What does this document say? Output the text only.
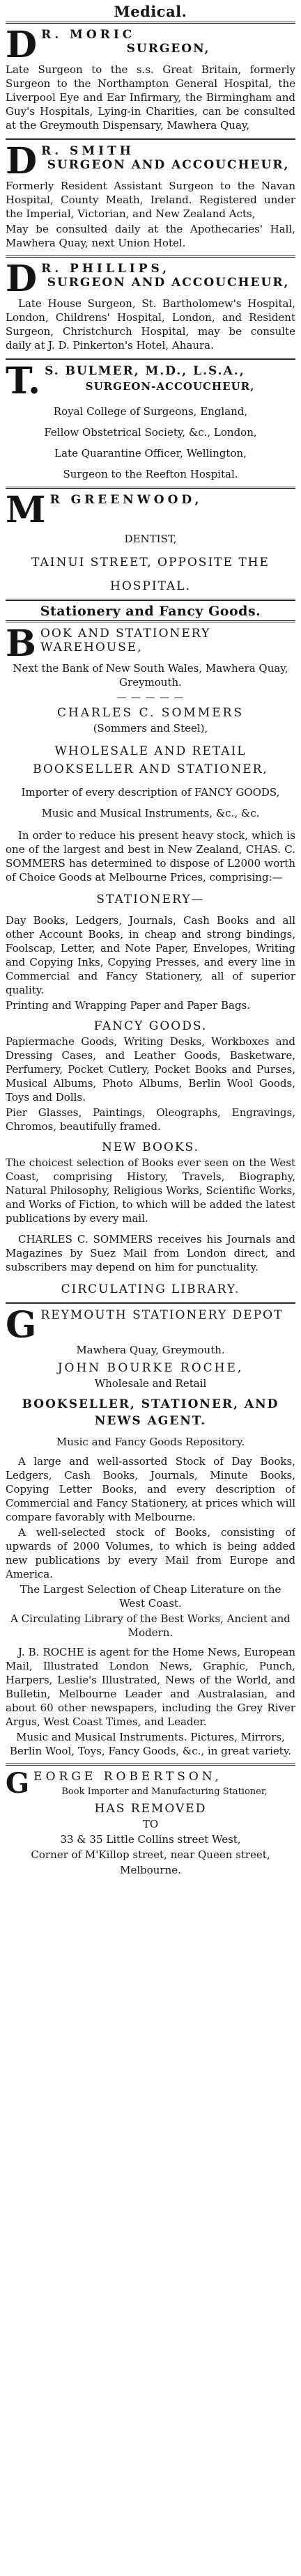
Medical.
D R. MORIC
SURGEON,
Late Surgeon to the s.s. Great Britain, formerly Surgeon to the Northampton General Hospital, the Liverpool Eye and Ear Infirmary, the Birmingham and Guy's Hospitals, Lying-in Charities, can be consulted at the Greymouth Dispensary, Mawhera Quay,
D R. SMITH
SURGEON AND ACCOUCHEUR,
Formerly Resident Assistant Surgeon to the Navan Hospital, County Meath, Ireland. Registered under the Imperial, Victorian, and New Zealand Acts,
May be consulted daily at the Apothecaries' Hall, Mawhera Quay, next Union Hotel.
D R. PHILLIPS,
SURGEON AND ACCOUCHEUR,
Late House Surgeon, St. Bartholomew's Hospital, London, Childrens' Hospital, London, and Resident Surgeon, Christchurch Hospital, may be consulte daily at J. D. Pinkerton's Hotel, Ahaura.
T. S. BULMER, M.D., L.S.A.,
SURGEON-ACCOUCHEUR,
Royal College of Surgeons, England,
Fellow Obstetrical Society, &c., London,
Late Quarantine Officer, Wellington,
Surgeon to the Reefton Hospital.
M R GREENWOOD,
DENTIST,
TAINUI STREET, OPPOSITE THE
HOSPITAL.
Stationery and Fancy Goods.
BOOK AND STATIONERY WAREHOUSE,
Next the Bank of New South Wales, Mawhera Quay, Greymouth.
— — — — —
CHARLES C. SOMMERS
(Sommers and Steel),
WHOLESALE AND RETAIL BOOKSELLER AND STATIONER,
Importer of every description of FANCY GOODS,
Music and Musical Instruments, &c., &c.
In order to reduce his present heavy stock, which is one of the largest and best in New Zealand, CHAS. C. SOMMERS has determined to dispose of L2000 worth of Choice Goods at Melbourne Prices, comprising:—
STATIONERY—
Day Books, Ledgers, Journals, Cash Books and all other Account Books, in cheap and strong bindings, Foolscap, Letter, and Note Paper, Envelopes, Writing and Copying Inks, Copying Presses, and every line in Commercial and Fancy Stationery, all of superior quality.
Printing and Wrapping Paper and Paper Bags.
FANCY GOODS.
Papiermache Goods, Writing Desks, Workboxes and Dressing Cases, and Leather Goods, Basketware, Perfumery, Pocket Cutlery, Pocket Books and Purses, Musical Albums, Photo Albums, Berlin Wool Goods, Toys and Dolls.
Pier Glasses, Paintings, Oleographs, Engravings, Chromos, beautifully framed.
NEW BOOKS.
The choicest selection of Books ever seen on the West Coast, comprising History, Travels, Biography, Natural Philosophy, Religious Works, Scientific Works, and Works of Fiction, to which will be added the latest publications by every mail.
CHARLES C. SOMMERS receives his Journals and Magazines by Suez Mail from London direct, and subscribers may depend on him for punctuality.
CIRCULATING LIBRARY.
GREYMOUTH STATIONERY DEPOT
Mawhera Quay, Greymouth.
JOHN BOURKE ROCHE,
Wholesale and Retail
BOOKSELLER, STATIONER, AND NEWS AGENT.
Music and Fancy Goods Repository.
A large and well-assorted Stock of Day Books, Ledgers, Cash Books, Journals, Minute Books, Copying Letter Books, and every description of Commercial and Fancy Stationery, at prices which will compare favorably with Melbourne.
A well-selected stock of Books, consisting of upwards of 2000 Volumes, to which is being added new publications by every Mail from Europe and America.
The Largest Selection of Cheap Literature on the West Coast.
A Circulating Library of the Best Works, Ancient and Modern.
J. B. ROCHE is agent for the Home News, European Mail, Illustrated London News, Graphic, Punch, Harpers, Leslie's Illustrated, News of the World, and Bulletin, Melbourne Leader and Australasian, and about 60 other newspapers, including the Grey River Argus, West Coast Times, and Leader.
Music and Musical Instruments. Pictures, Mirrors, Berlin Wool, Toys, Fancy Goods, &c., in great variety.
GEORGE ROBERTSON,
Book Importer and Manufacturing Stationer,
HAS REMOVED
TO
33 & 35 Little Collins street West,
Corner of M'Killop street, near Queen street,
Melbourne.
